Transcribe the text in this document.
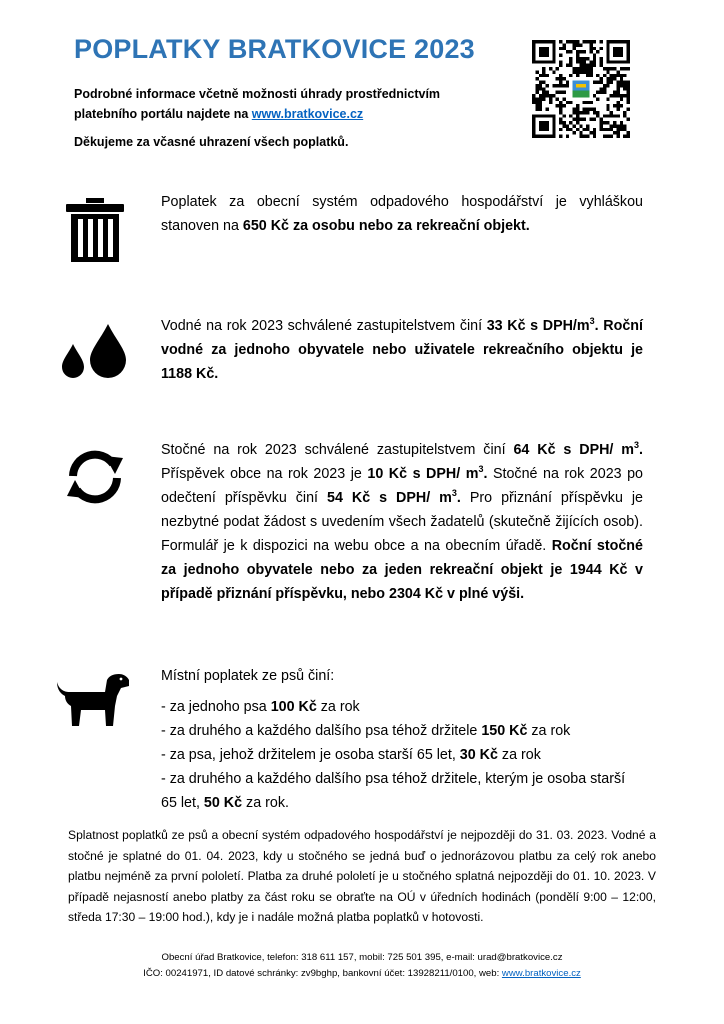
POPLATKY BRATKOVICE 2023
Podrobné informace včetně možnosti úhrady prostřednictvím
platebního portálu najdete na www.bratkovice.cz
Děkujeme za včasné uhrazení všech poplatků.
Poplatek za obecní systém odpadového hospodářství je vyhláškou stanoven na 650 Kč za osobu nebo za rekreační objekt.
Vodné na rok 2023 schválené zastupitelstvem činí 33 Kč s DPH/$m^3$. Roční vodné za jednoho obyvatele nebo uživatele rekreačního objektu je 1188 Kč.
Stočné na rok 2023 schválené zastupitelstvem činí 64 Kč s DPH/ $m^3$. Příspěvek obce na rok 2023 je 10 Kč s DPH/ $m^3$. Stočné na rok 2023 po odečtení příspěvku činí 54 Kč s DPH/ $m^3$. Pro přiznání příspěvku je nezbytné podat žádost s uvedením všech žadatelů (skutečně žijících osob). Formulář je k dispozici na webu obce a na obecním úřadě. Roční stočné za jednoho obyvatele nebo za jeden rekreační objekt je 1944 Kč v případě přiznání příspěvku, nebo 2304 Kč v plné výši.
Místní poplatek ze psů činí:
- za jednoho psa 100 Kč za rok
- za druhého a každého dalšího psa téhož držitele 150 Kč za rok
- za psa, jehož držitelem je osoba starší 65 let, 30 Kč za rok
- za druhého a každého dalšího psa téhož držitele, kterým je osoba starší 65 let, 50 Kč za rok.
Splatnost poplatků ze psů a obecní systém odpadového hospodářství je nejpozději do 31. 03. 2023. Vodné a stočné je splatné do 01. 04. 2023, kdy u stočného se jedná buď o jednorázovou platbu za celý rok anebo platbu nejméně za první pololetí. Platba za druhé pololetí je u stočného splatná nejpozději do 01. 10. 2023. V případě nejasností anebo platby za část roku se obraťte na OÚ v úředních hodinách (pondělí 9:00 – 12:00, středa 17:30 – 19:00 hod.), kdy je i nadále možná platba poplatků v hotovosti.
Obecní úřad Bratkovice, telefon: 318 611 157, mobil: 725 501 395, e-mail: urad@bratkovice.cz
IČO: 00241971, ID datové schránky: zv9bghp, bankovní účet: 13928211/0100, web: www.bratkovice.cz
